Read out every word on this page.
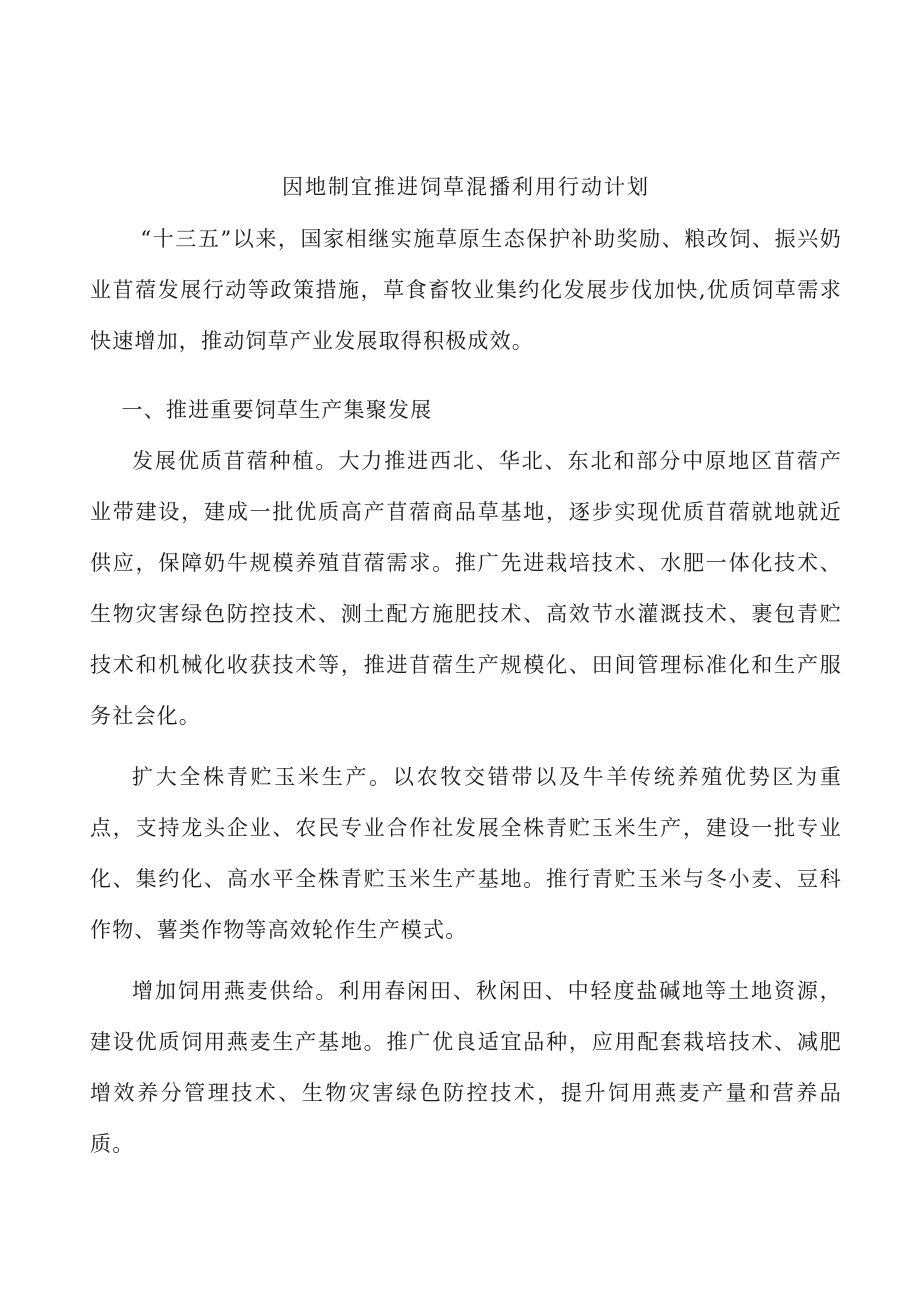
因地制宜推进饲草混播利用行动计划

“十三五”以来，国家相继实施草原生态保护补助奖励、粮改饲、振兴奶业苜蓿发展行动等政策措施，草食畜牧业集约化发展步伐加快,优质饲草需求快速增加，推动饲草产业发展取得积极成效。

一、推进重要饲草生产集聚发展

发展优质苜蓿种植。大力推进西北、华北、东北和部分中原地区苜蓿产业带建设，建成一批优质高产苜蓿商品草基地，逐步实现优质苜蓿就地就近供应，保障奶牛规模养殖苜蓿需求。推广先进栽培技术、水肥一体化技术、生物灾害绿色防控技术、测土配方施肥技术、高效节水灌溉技术、裹包青贮技术和机械化收获技术等，推进苜蓿生产规模化、田间管理标准化和生产服务社会化。

扩大全株青贮玉米生产。以农牧交错带以及牛羊传统养殖优势区为重点，支持龙头企业、农民专业合作社发展全株青贮玉米生产，建设一批专业化、集约化、高水平全株青贮玉米生产基地。推行青贮玉米与冬小麦、豆科作物、薯类作物等高效轮作生产模式。

增加饲用燕麦供给。利用春闲田、秋闲田、中轻度盐碱地等土地资源，建设优质饲用燕麦生产基地。推广优良适宜品种，应用配套栽培技术、减肥增效养分管理技术、生物灾害绿色防控技术，提升饲用燕麦产量和营养品质。
